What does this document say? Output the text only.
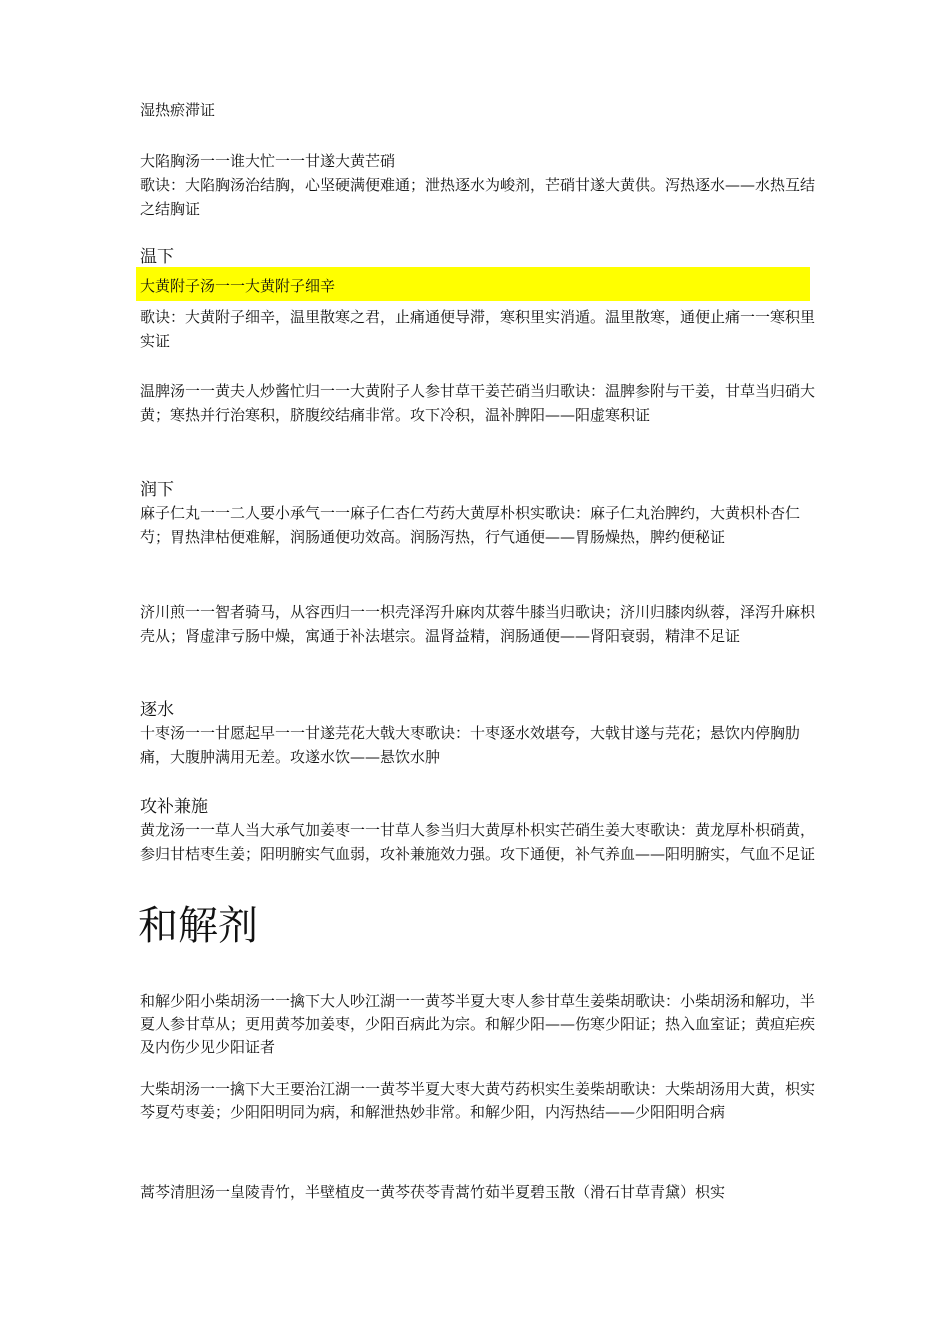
湿热瘀滞证
大陷胸汤一一谁大忙一一甘遂大黄芒硝
歌诀：大陷胸汤治结胸，心坚硬满便难通；泄热逐水为峻剂，芒硝甘遂大黄供。泻热逐水——水热互结之结胸证
温下
大黄附子汤一一大黄附子细辛
歌诀：大黄附子细辛，温里散寒之君，止痛通便导滞，寒积里实消遁。温里散寒，通便止痛一一寒积里实证
温脾汤一一黄夫人炒酱忙归一一大黄附子人参甘草干姜芒硝当归歌诀：温脾参附与干姜，甘草当归硝大黄；寒热并行治寒积，脐腹绞结痛非常。攻下冷积，温补脾阳——阳虚寒积证
润下
麻子仁丸一一二人要小承气一一麻子仁杏仁芍药大黄厚朴枳实歌诀：麻子仁丸治脾约，大黄枳朴杏仁芍；胃热津枯便难解，润肠通便功效高。润肠泻热，行气通便——胃肠燥热，脾约便秘证
济川煎一一智者骑马，从容西归一一枳壳泽泻升麻肉苁蓉牛膝当归歌诀；济川归膝肉纵蓉，泽泻升麻枳壳从；肾虚津亏肠中燥，寓通于补法堪宗。温肾益精，润肠通便——肾阳衰弱，精津不足证
逐水
十枣汤一一甘愿起早一一甘遂芫花大戟大枣歌诀：十枣逐水效堪夸，大戟甘遂与芫花；悬饮内停胸肋痛，大腹肿满用无差。攻遂水饮——悬饮水肿
攻补兼施
黄龙汤一一草人当大承气加姜枣一一甘草人参当归大黄厚朴枳实芒硝生姜大枣歌诀：黄龙厚朴枳硝黄，参归甘桔枣生姜；阳明腑实气血弱，攻补兼施效力强。攻下通便，补气养血——阳明腑实，气血不足证
和解剂
和解少阳小柴胡汤一一擒下大人吵江湖一一黄芩半夏大枣人参甘草生姜柴胡歌诀：小柴胡汤和解功，半夏人参甘草从；更用黄芩加姜枣，少阳百病此为宗。和解少阳——伤寒少阳证；热入血室证；黄疸疟疾及内伤少见少阳证者
大柴胡汤一一擒下大王要治江湖一一黄芩半夏大枣大黄芍药枳实生姜柴胡歌诀：大柴胡汤用大黄，枳实芩夏芍枣姜；少阳阳明同为病，和解泄热妙非常。和解少阳，内泻热结——少阳阳明合病
蒿芩清胆汤一皇陵青竹，半壁植皮一黄芩茯苓青蒿竹茹半夏碧玉散（滑石甘草青黛）枳实
